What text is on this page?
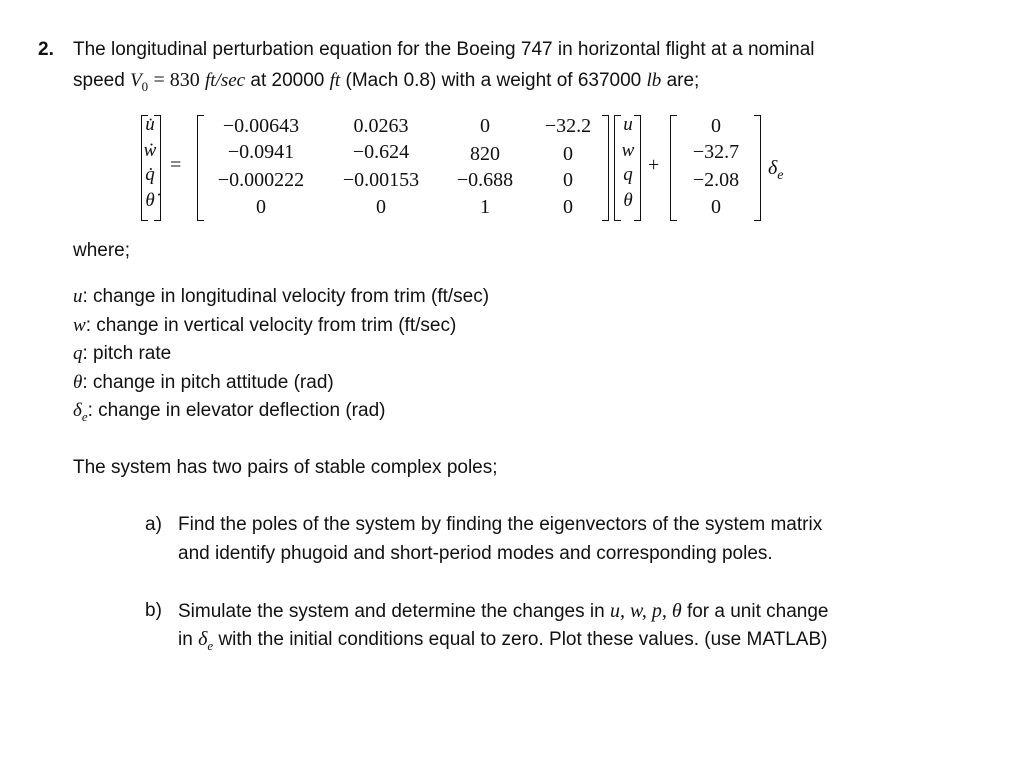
2. The longitudinal perturbation equation for the Boeing 747 in horizontal flight at a nominal
speed $V_0 = 830$ ft/sec at 20000 ft (Mach 0.8) with a weight of 637000 lb are;
u̇
ẇ
q̇
θ̇
=
−0.00643	0.0263	0	−32.2
−0.0941	−0.624	820	0
−0.000222	−0.00153	−0.688	0
0	0	1	0
u
w
q
θ
+
0
−32.7
−2.08
0
$\delta_e$
where;
u: change in longitudinal velocity from trim (ft/sec)
w: change in vertical velocity from trim (ft/sec)
q: pitch rate
θ: change in pitch attitude (rad)
$\delta_e$: change in elevator deflection (rad)
The system has two pairs of stable complex poles;
a) Find the poles of the system by finding the eigenvectors of the system matrix
and identify phugoid and short-period modes and corresponding poles.
b) Simulate the system and determine the changes in u, w, p, θ for a unit change
in $\delta_e$ with the initial conditions equal to zero. Plot these values. (use MATLAB)
